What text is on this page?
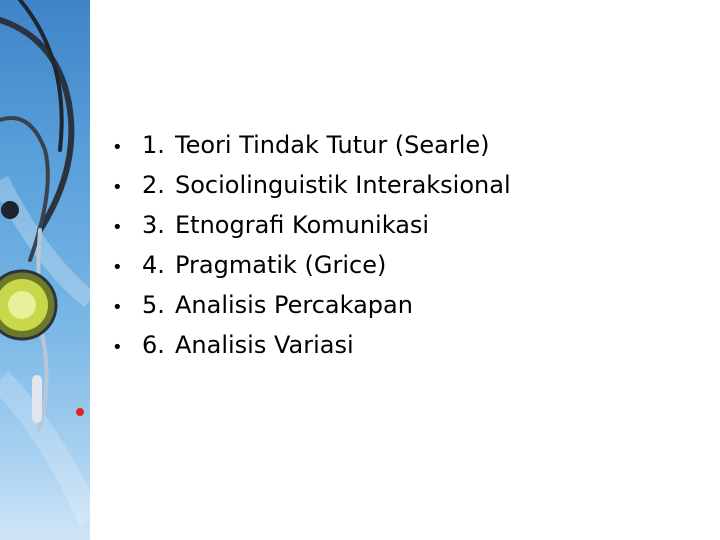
• 1. Teori Tindak Tutur (Searle)
• 2. Sociolinguistik Interaksional
• 3. Etnografi Komunikasi
• 4. Pragmatik (Grice)
• 5. Analisis Percakapan
• 6. Analisis Variasi
